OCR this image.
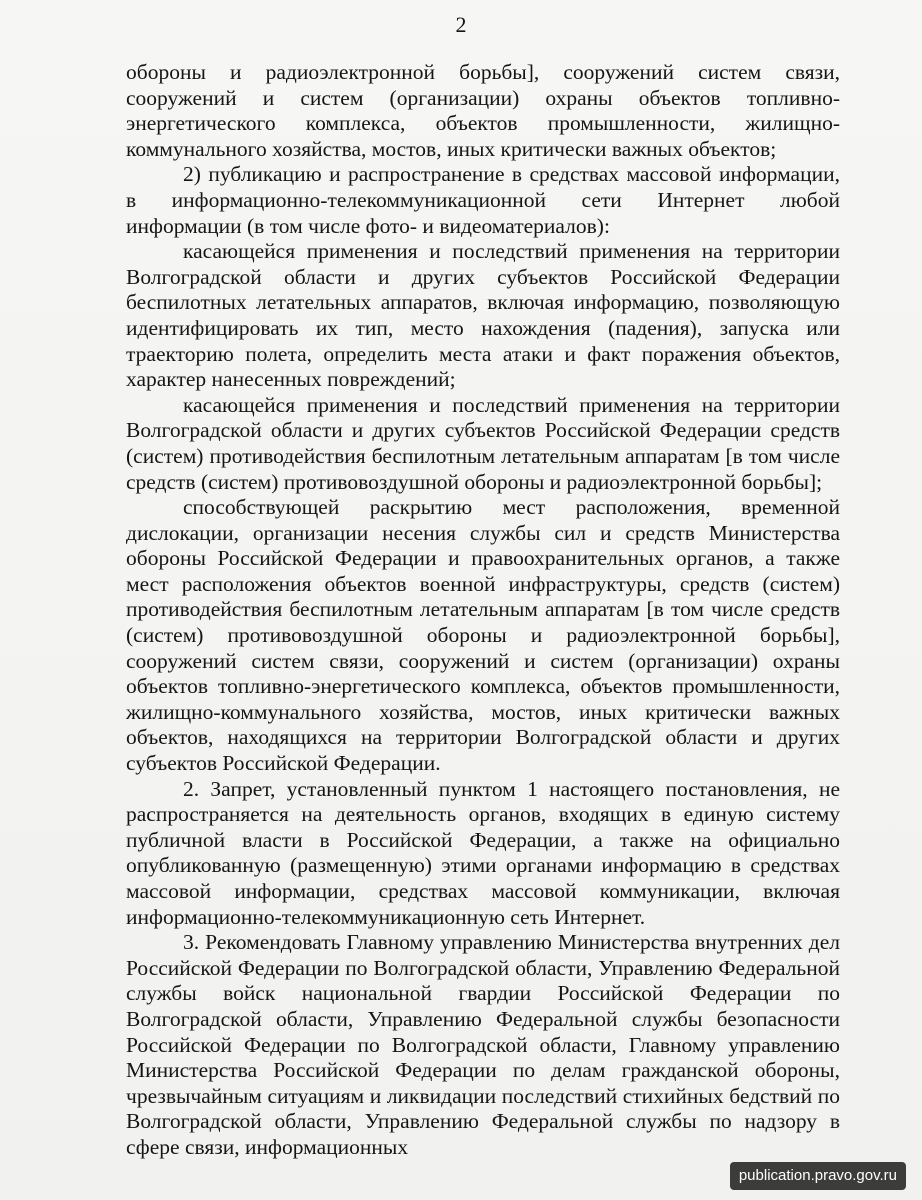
2

обороны и радиоэлектронной борьбы], сооружений систем связи, сооружений и систем (организации) охраны объектов топливно-энергетического комплекса, объектов промышленности, жилищно-коммунального хозяйства, мостов, иных критически важных объектов;

2) публикацию и распространение в средствах массовой информации, в информационно-телекоммуникационной сети Интернет любой информации (в том числе фото- и видеоматериалов):

касающейся применения и последствий применения на территории Волгоградской области и других субъектов Российской Федерации беспилотных летательных аппаратов, включая информацию, позволяющую идентифицировать их тип, место нахождения (падения), запуска или траекторию полета, определить места атаки и факт поражения объектов, характер нанесенных повреждений;

касающейся применения и последствий применения на территории Волгоградской области и других субъектов Российской Федерации средств (систем) противодействия беспилотным летательным аппаратам [в том числе средств (систем) противовоздушной обороны и радиоэлектронной борьбы];

способствующей раскрытию мест расположения, временной дислокации, организации несения службы сил и средств Министерства обороны Российской Федерации и правоохранительных органов, а также мест расположения объектов военной инфраструктуры, средств (систем) противодействия беспилотным летательным аппаратам [в том числе средств (систем) противовоздушной обороны и радиоэлектронной борьбы], сооружений систем связи, сооружений и систем (организации) охраны объектов топливно-энергетического комплекса, объектов промышленности, жилищно-коммунального хозяйства, мостов, иных критически важных объектов, находящихся на территории Волгоградской области и других субъектов Российской Федерации.

2. Запрет, установленный пунктом 1 настоящего постановления, не распространяется на деятельность органов, входящих в единую систему публичной власти в Российской Федерации, а также на официально опубликованную (размещенную) этими органами информацию в средствах массовой информации, средствах массовой коммуникации, включая информационно-телекоммуникационную сеть Интернет.

3. Рекомендовать Главному управлению Министерства внутренних дел Российской Федерации по Волгоградской области, Управлению Федеральной службы войск национальной гвардии Российской Федерации по Волгоградской области, Управлению Федеральной службы безопасности Российской Федерации по Волгоградской области, Главному управлению Министерства Российской Федерации по делам гражданской обороны, чрезвычайным ситуациям и ликвидации последствий стихийных бедствий по Волгоградской области, Управлению Федеральной службы по надзору в сфере связи, информационных

publication.pravo.gov.ru
